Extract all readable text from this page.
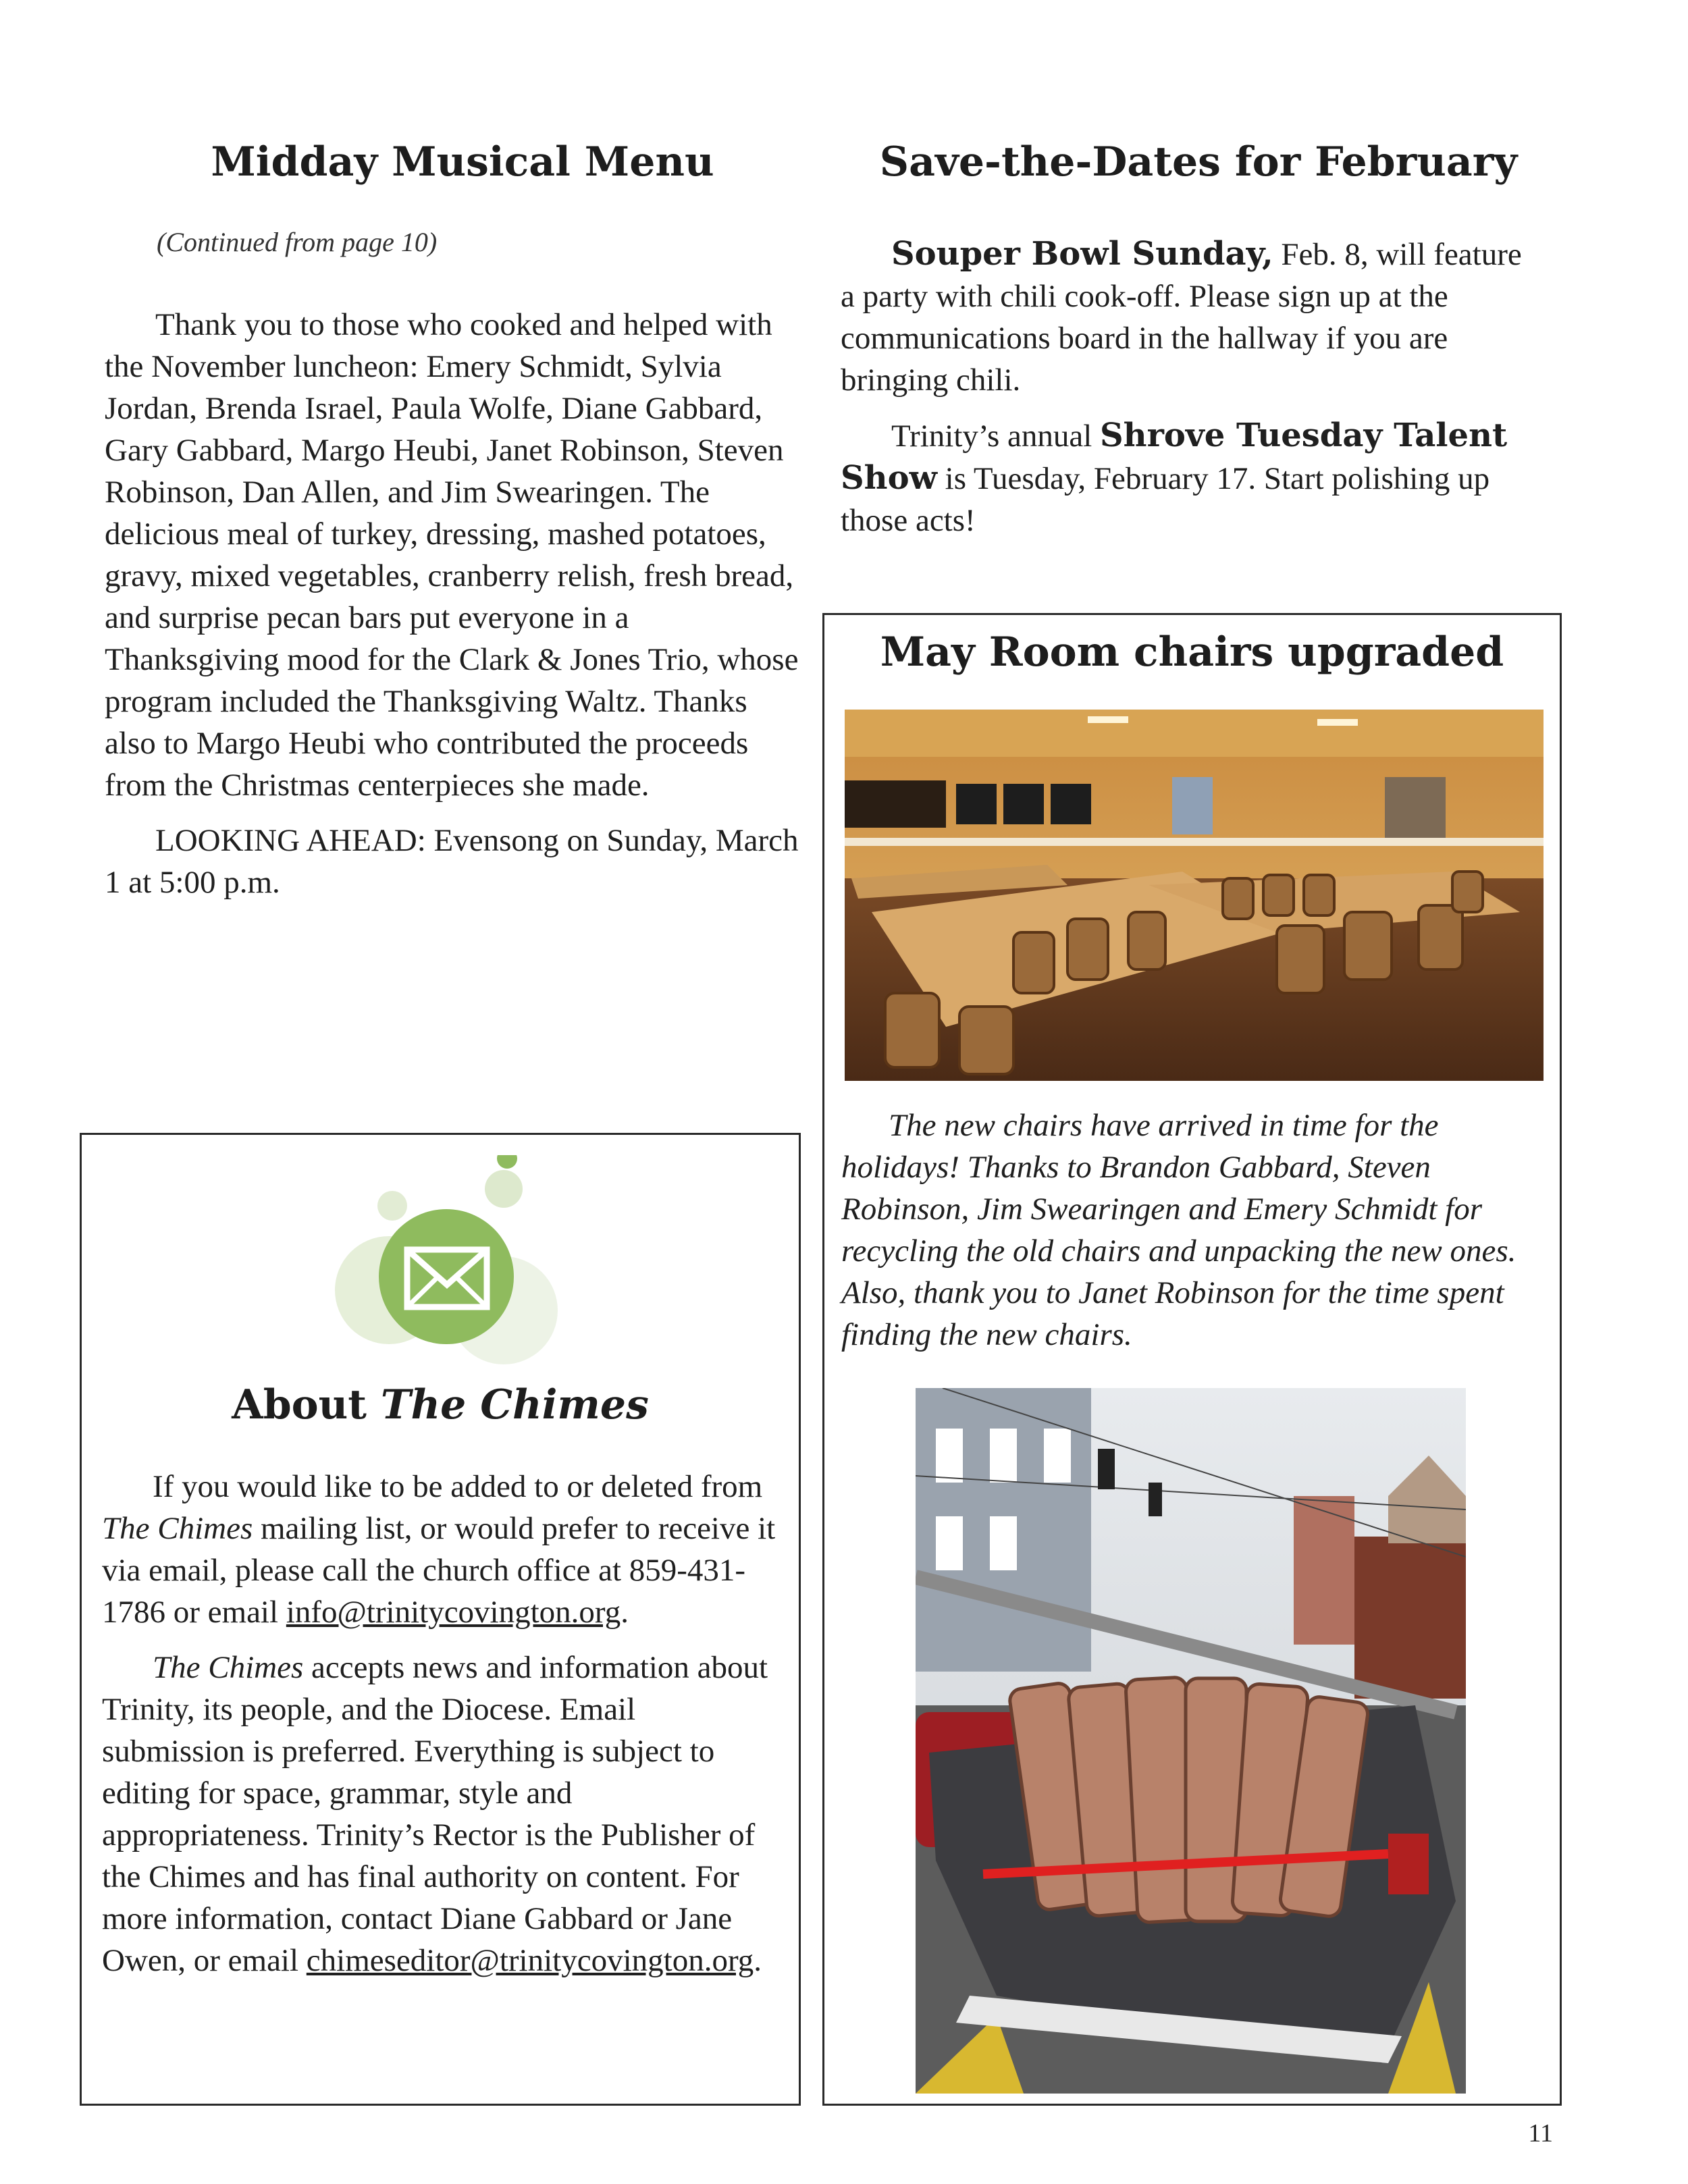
Midday Musical Menu
(Continued from page 10)

Thank you to those who cooked and helped with the November luncheon: Emery Schmidt, Sylvia Jordan, Brenda Israel, Paula Wolfe, Diane Gabbard, Gary Gabbard, Margo Heubi, Janet Robinson, Steven Robinson, Dan Allen, and Jim Swearingen. The delicious meal of turkey, dressing, mashed potatoes, gravy, mixed vegetables, cranberry relish, fresh bread, and surprise pecan bars put everyone in a Thanksgiving mood for the Clark & Jones Trio, whose program included the Thanksgiving Waltz. Thanks also to Margo Heubi who contributed the proceeds from the Christmas centerpieces she made.

LOOKING AHEAD: Evensong on Sunday, March 1 at 5:00 p.m.

About The Chimes

If you would like to be added to or deleted from The Chimes mailing list, or would prefer to receive it via email, please call the church office at 859-431-1786 or email info@trinitycovington.org.

The Chimes accepts news and information about Trinity, its people, and the Diocese. Email submission is preferred. Everything is subject to editing for space, grammar, style and appropriateness. Trinity’s Rector is the Publisher of the Chimes and has final authority on content. For more information, contact Diane Gabbard or Jane Owen, or email chimeseditor@trinitycovington.org.

Save-the-Dates for February

Souper Bowl Sunday, Feb. 8, will feature a party with chili cook-off. Please sign up at the communications board in the hallway if you are bringing chili.

Trinity’s annual Shrove Tuesday Talent Show is Tuesday, February 17. Start polishing up those acts!

May Room chairs upgraded

The new chairs have arrived in time for the holidays! Thanks to Brandon Gabbard, Steven Robinson, Jim Swearingen and Emery Schmidt for recycling the old chairs and unpacking the new ones. Also, thank you to Janet Robinson for the time spent finding the new chairs.

11
